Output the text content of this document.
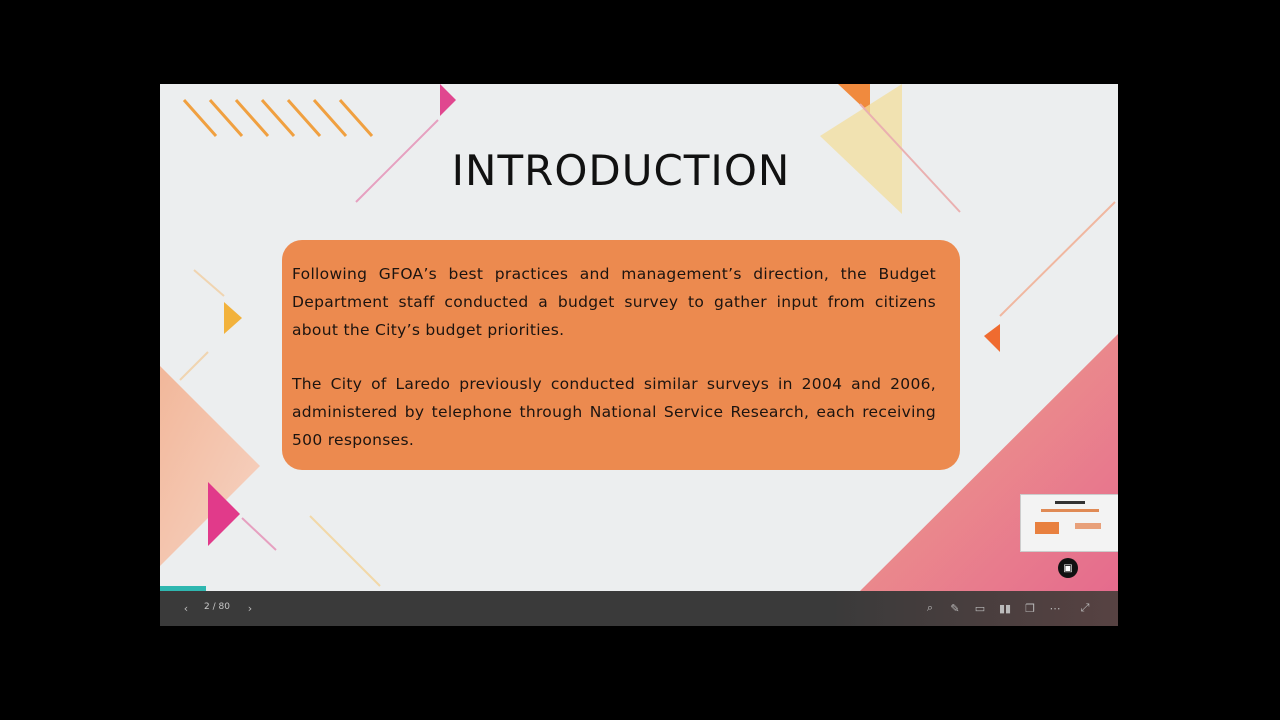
INTRODUCTION

Following GFOA’s best practices and management’s direction, the Budget Department staff conducted a budget survey to gather input from citizens about the City’s budget priorities.

The City of Laredo previously conducted similar surveys in 2004 and 2006, administered by telephone through National Service Research, each receiving 500 responses.

▣
‹	2 / 80	›	⌕ ✎ ▭ ▮▮ ❐ ⋯ ⤢
